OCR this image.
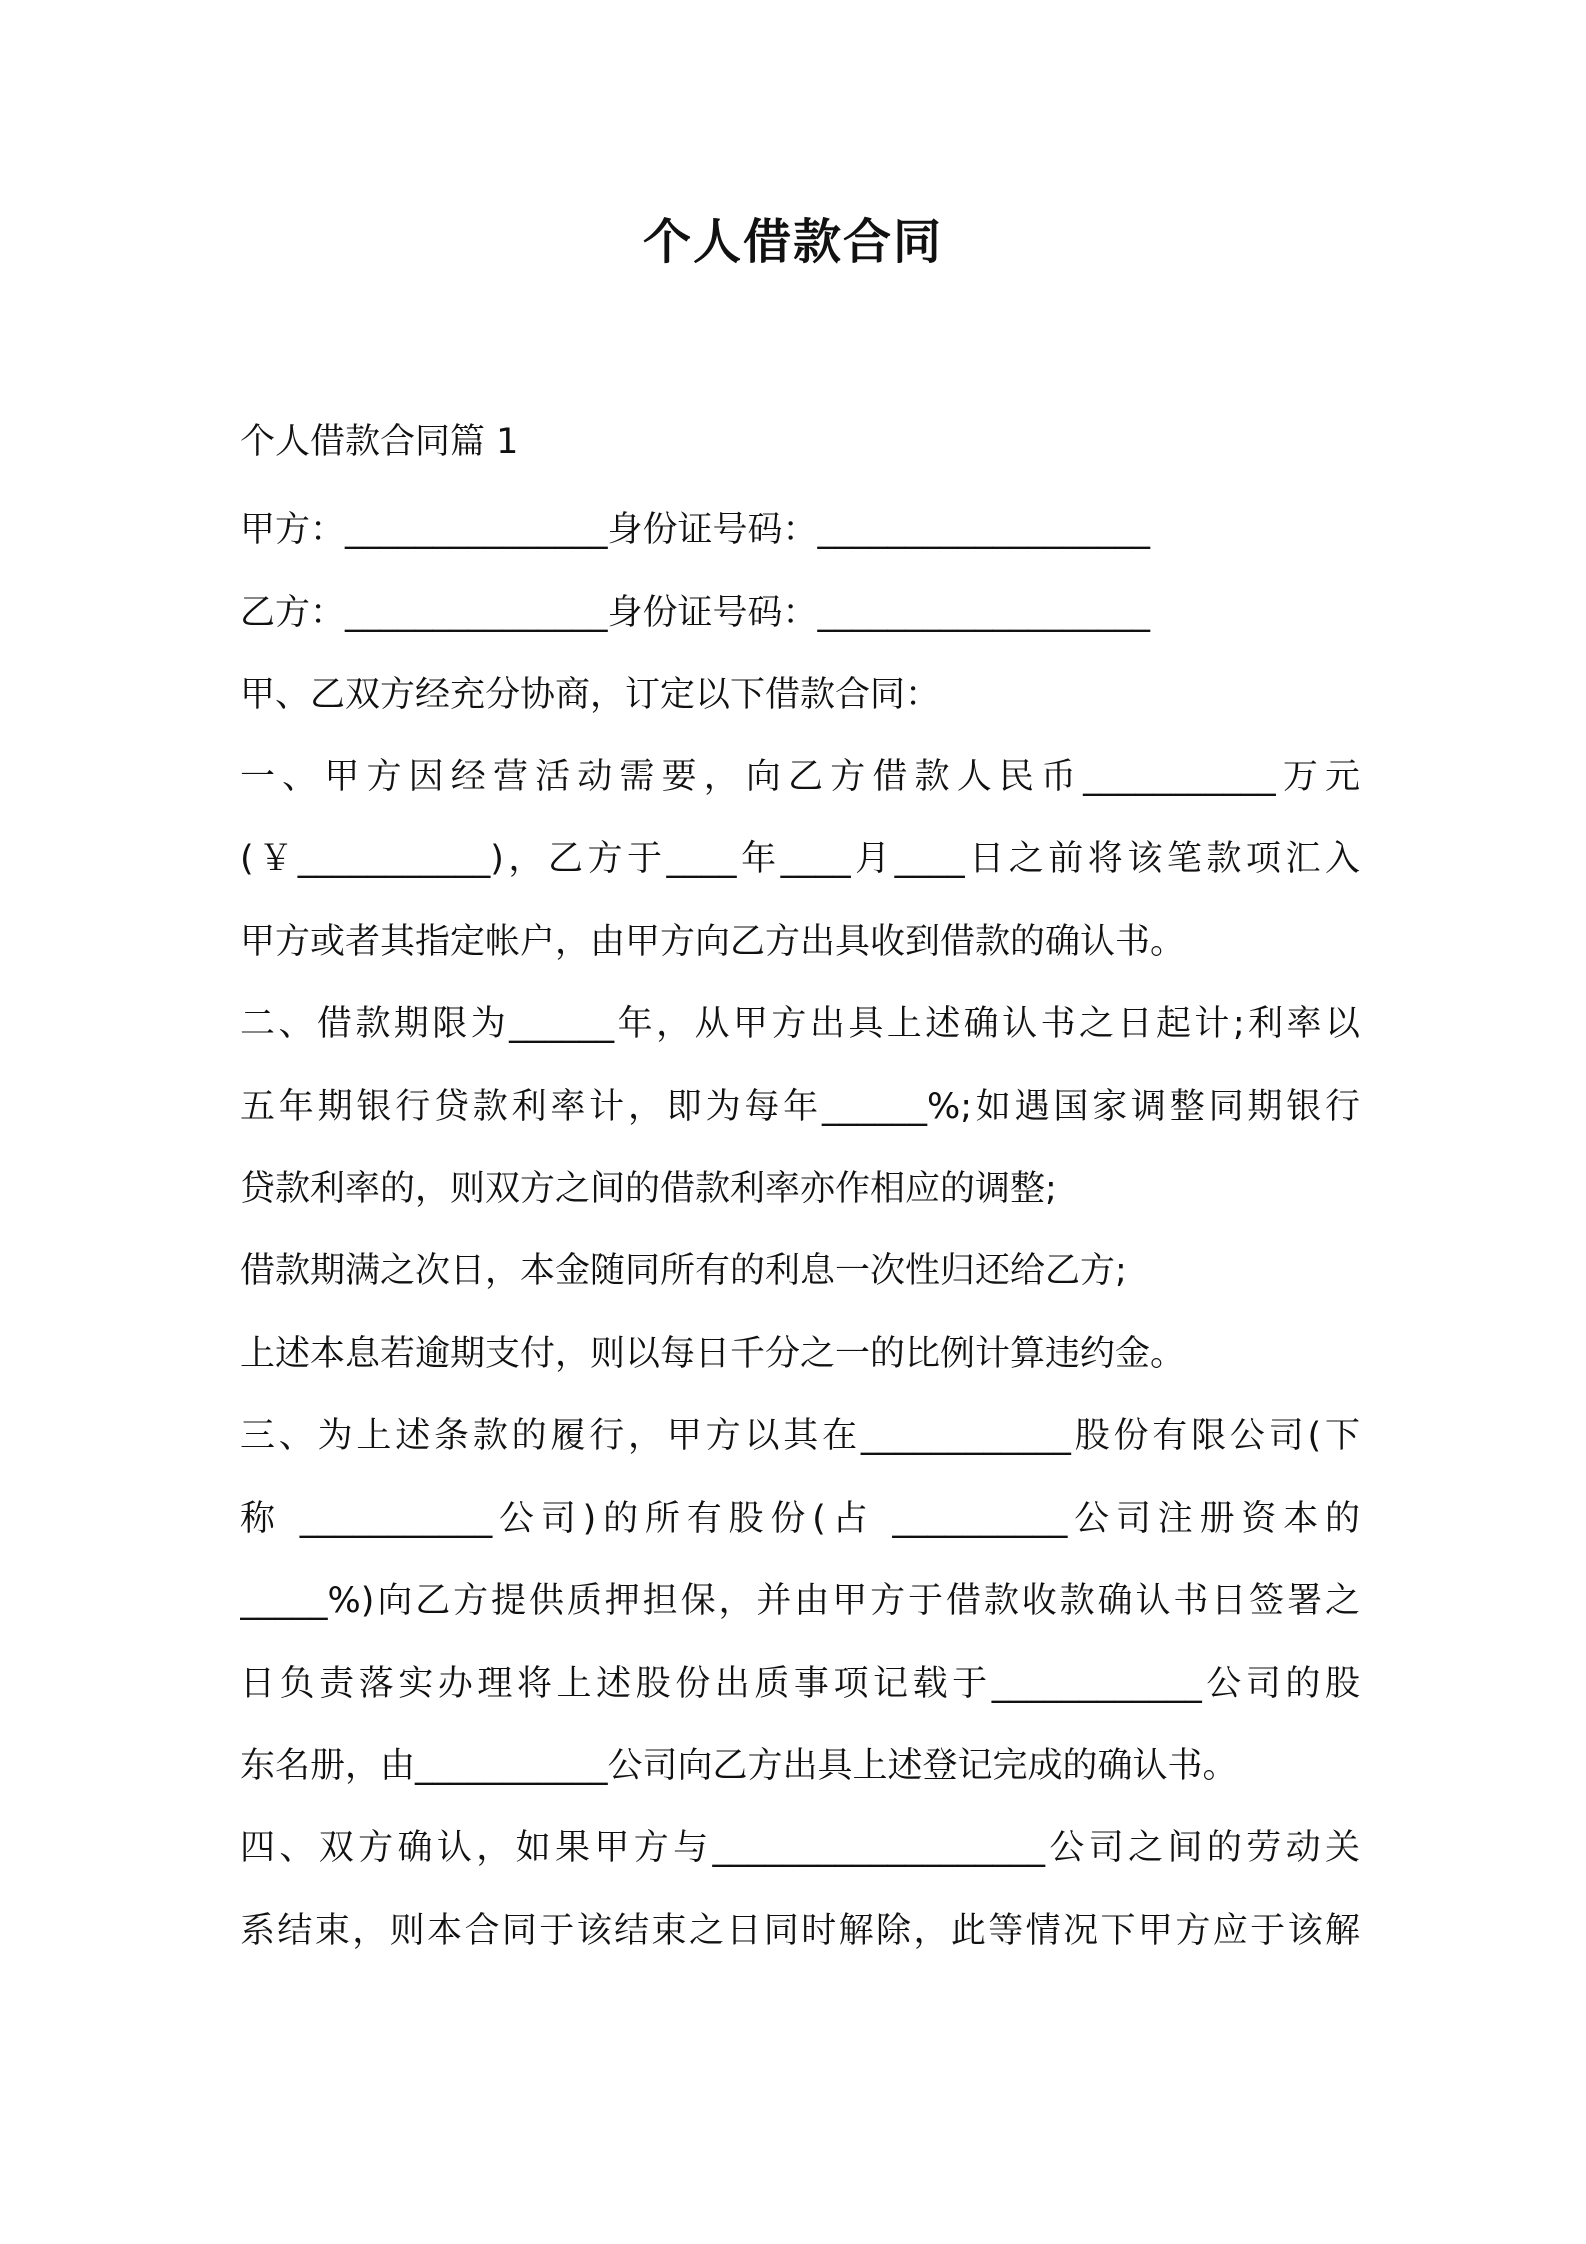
个人借款合同
个人借款合同篇 1
甲方：_______________身份证号码：___________________
乙方：_______________身份证号码：___________________
甲、乙双方经充分协商，订定以下借款合同：
一、甲方因经营活动需要，向乙方借款人民币___________万元
(￥___________)，乙方于____年____月____日之前将该笔款项汇入
甲方或者其指定帐户，由甲方向乙方出具收到借款的确认书。
二、借款期限为______年，从甲方出具上述确认书之日起计;利率以
五年期银行贷款利率计，即为每年______%;如遇国家调整同期银行
贷款利率的，则双方之间的借款利率亦作相应的调整;
借款期满之次日，本金随同所有的利息一次性归还给乙方;
上述本息若逾期支付，则以每日千分之一的比例计算违约金。
三、为上述条款的履行，甲方以其在____________股份有限公司(下
称 ___________公司)的所有股份(占 __________公司注册资本的
_____%)向乙方提供质押担保，并由甲方于借款收款确认书日签署之
日负责落实办理将上述股份出质事项记载于____________公司的股
东名册，由___________公司向乙方出具上述登记完成的确认书。
四、双方确认，如果甲方与___________________公司之间的劳动关
系结束，则本合同于该结束之日同时解除，此等情况下甲方应于该解
